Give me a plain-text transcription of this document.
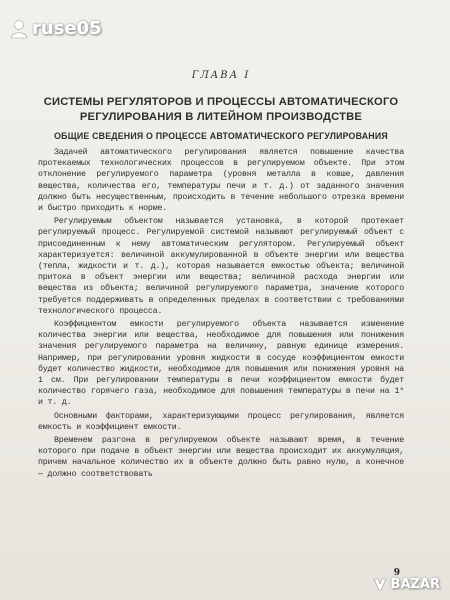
ruse05
ГЛАВА I
СИСТЕМЫ РЕГУЛЯТОРОВ И ПРОЦЕССЫ АВТОМАТИЧЕСКОГО РЕГУЛИРОВАНИЯ В ЛИТЕЙНОМ ПРОИЗВОДСТВЕ
ОБЩИЕ СВЕДЕНИЯ О ПРОЦЕССЕ АВТОМАТИЧЕСКОГО РЕГУЛИРОВАНИЯ

Задачей автоматического регулирования является повышение качества протекаемых технологических процессов в регулируемом объекте. При этом отклонение регулируемого параметра (уровня металла в ковше, давления вещества, количества его, температуры печи и т. д.) от заданного значения должно быть несущественным, происходить в течение небольшого отрезка времени и быстро приходить к норме.

Регулируемым объектом называется установка, в которой протекает регулируемый процесс. Регулируемой системой называют регулируемый объект с присоединенным к нему автоматическим регулятором. Регулируемый объект характеризуется: величиной аккумулированной в объекте энергии или вещества (тепла, жидкости и т. д.), которая называется емкостью объекта; величиной притока в объект энергии или вещества; величиной расхода энергии или вещества из объекта; величиной регулируемого параметра, значение которого требуется поддерживать в определенных пределах в соответствии с требованиями технологического процесса.

Коэффициентом емкости регулируемого объекта называется изменение количества энергии или вещества, необходимое для повышения или понижения значения регулируемого параметра на величину, равную единице измерения. Например, при регулировании уровня жидкости в сосуде коэффициентом емкости будет количество жидкости, необходимое для повышения или понижения уровня на 1 см. При регулировании температуры в печи коэффициентом емкости будет количество горячего газа, необходимое для повышения температуры в печи на 1° и т. д.

Основными факторами, характеризующими процесс регулирования, является емкость и коэффициент емкости.

Временем разгона в регулируемом объекте называют время, в течение которого при подаче в объект энергии или вещества происходит их аккумуляция, причем начальное количество их в объекте должно быть равно нулю, а конечное — должно соответствовать

9
BAZAR
